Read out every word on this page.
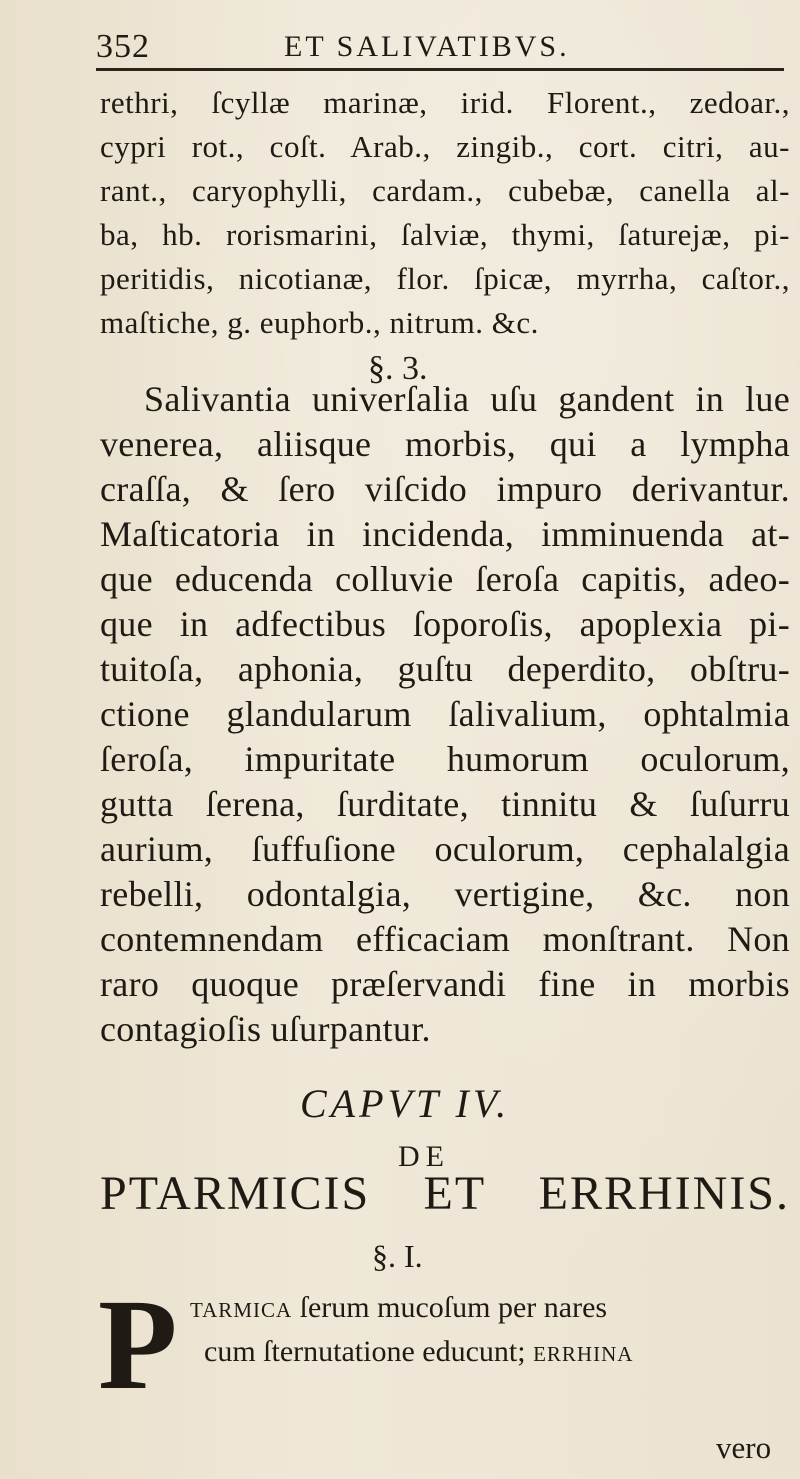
352	ET SALIVATIBVS.
rethri, ſcyllæ marinæ, irid. Florent., zedoar.,
cypri rot., coſt. Arab., zingib., cort. citri, au-
rant., caryophylli, cardam., cubebæ, canella al-
ba, hb. rorismarini, ſalviæ, thymi, ſaturejæ, pi-
peritidis, nicotianæ, flor. ſpicæ, myrrha, caſtor.,
maſtiche, g. euphorb., nitrum. &c.
§. 3.
Salivantia univerſalia uſu gandent in lue
venerea, aliisque morbis, qui a lympha
craſſa, & ſero viſcido impuro derivantur.
Maſticatoria in incidenda, imminuenda at-
que educenda colluvie ſeroſa capitis, adeo-
que in adfectibus ſoporoſis, apoplexia pi-
tuitoſa, aphonia, guſtu deperdito, obſtru-
ctione glandularum ſalivalium, ophtalmia
ſeroſa, impuritate humorum oculorum,
gutta ſerena, ſurditate, tinnitu & ſuſurru
aurium, ſuffuſione oculorum, cephalalgia
rebelli, odontalgia, vertigine, &c. non
contemnendam efficaciam monſtrant. Non
raro quoque præſervandi fine in morbis
contagioſis uſurpantur.
CAPVT IV.
DE
PTARMICIS ET ERRHINIS.
§. I.
P tarmica ſerum mucoſum per nares
cum ſternutatione educunt; errhina
vero
